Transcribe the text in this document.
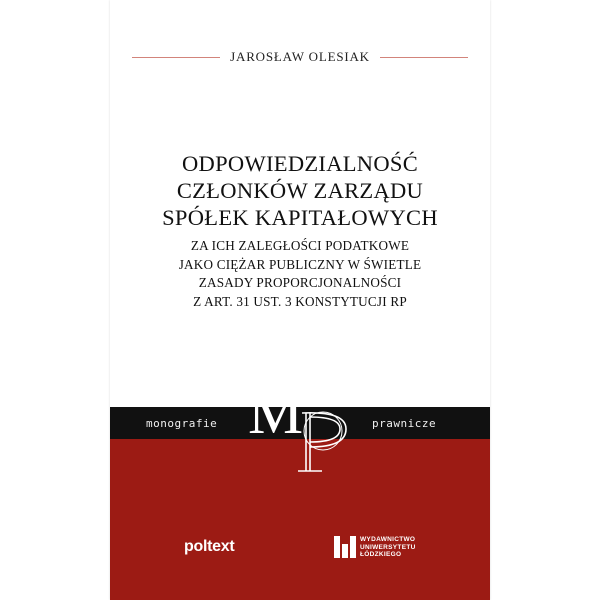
JAROSŁAW OLESIAK
ODPOWIEDZIALNOŚĆ
CZŁONKÓW ZARZĄDU
SPÓŁEK KAPITAŁOWYCH
ZA ICH ZALEGŁOŚCI PODATKOWE
JAKO CIĘŻAR PUBLICZNY W ŚWIETLE
ZASADY PROPORCJONALNOŚCI
Z ART. 31 UST. 3 KONSTYTUCJI RP
monografie	prawnicze
M
poltext	WYDAWNICTWO
UNIWERSYTETU
ŁÓDZKIEGO
